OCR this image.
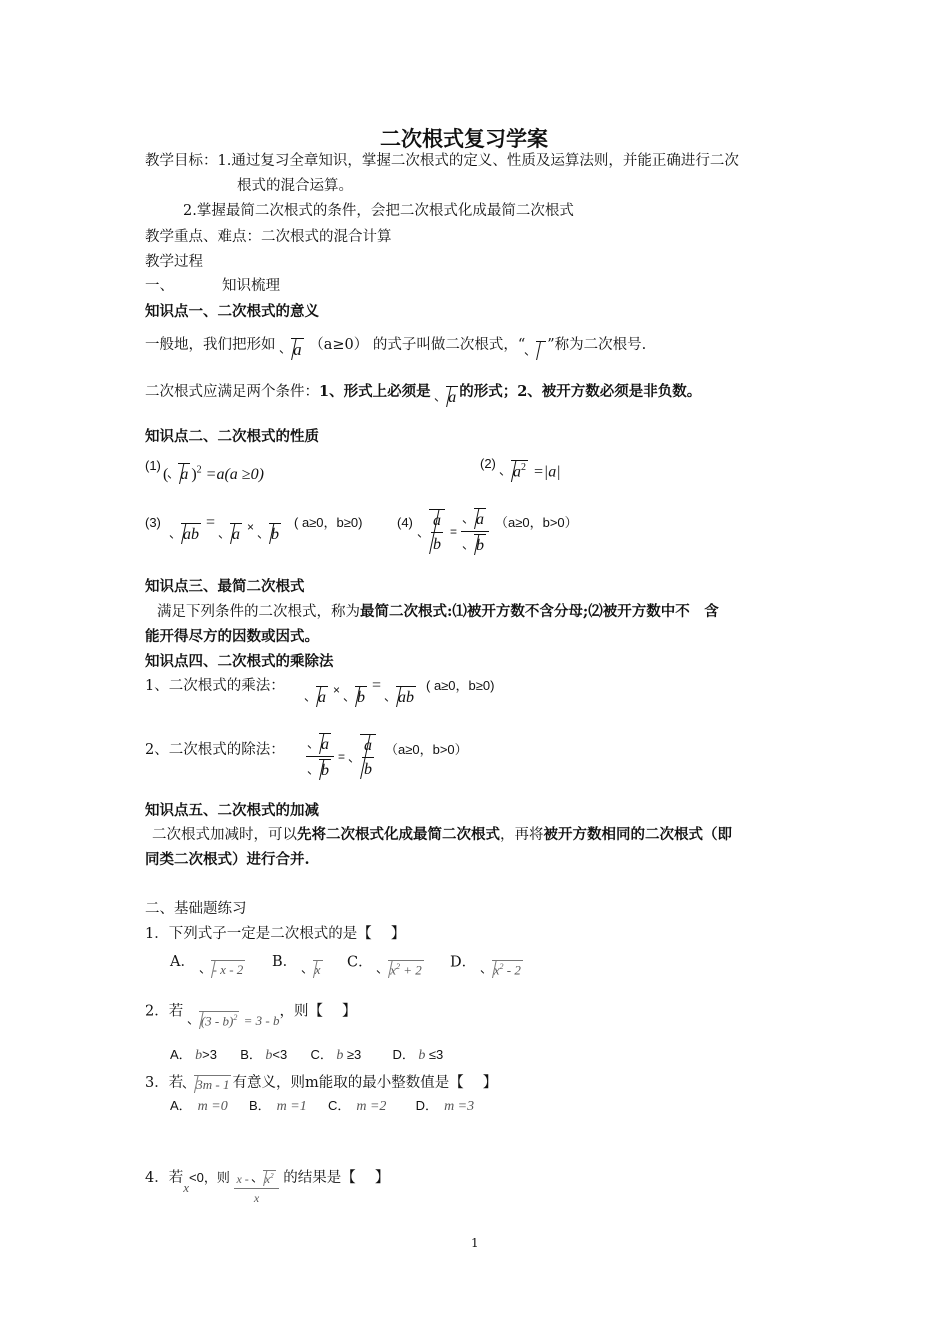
二次根式复习学案
教学目标：1.通过复习全章知识，掌握二次根式的定义、性质及运算法则，并能正确进行二次
根式的混合运算。
2.掌握最简二次根式的条件，会把二次根式化成最简二次根式
教学重点、难点：二次根式的混合计算
教学过程
一、	知识梳理
知识点一、二次根式的意义
一般地，我们把形如 a （a≥0） 的式子叫做二次根式，“ ”称为二次根号.
二次根式应满足两个条件：1、形式上必须是 a 的形式；2、被开方数必须是非负数。
知识点二、二次根式的性质
(1)
( a )$^2$ =a(a ≥0)
(2)	$a^2 =|a|$
(3)
ab =
a × b
( a≥0，b≥0)	$(4) \frac{a}{b} = \frac{a}{b} (a\ge 0$，b>0）
知识点三、最简二次根式
满足下列条件的二次根式，称为最简二次根式:⑴被开方数不含分母;⑵被开方数中不　含
能开得尽方的因数或因式。
知识点四、二次根式的乘除法
1、二次根式的乘法：
a × b =
ab
( a≥0，b≥0)
2、二次根式的除法： $\frac{a}{b} = \frac{a}{b} (a\ge 0$，b>0）
知识点五、二次根式的加减
二次根式加减时，可以先将二次根式化成最简二次根式，再将被开方数相同的二次根式（即
同类二次根式）进行合并.
二、基础题练习
1．下列式子一定是二次根式的是【　 】
A． - x - 2 B． x C． $x^2 + 2$ D． $x^2 - 2$
2．若
(3 - b)$^2$ = 3 - b，则【　 】
A． b>3 B． b<3 C． b ≥3 D． b ≤3
3．若 3m - 1 有意义，则m能取的最小整数值是【　 】
A． m =0 B． m =1 C． m =2 D． m =3
4．若x<0，则 x -
$x^2$
x 的结果是【　 】
1
